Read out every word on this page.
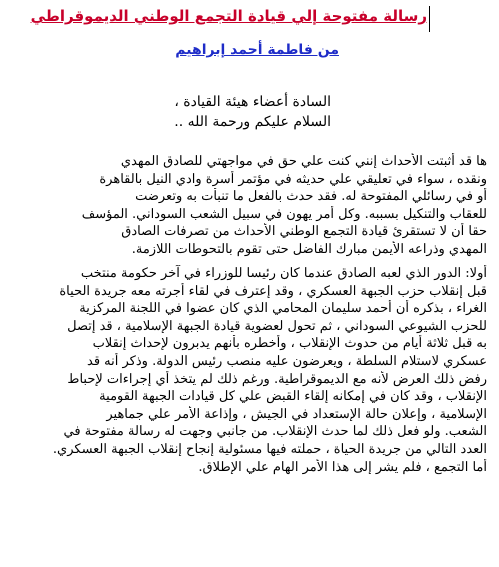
رسالة مفتوحة إلي قيادة التجمع الوطني الديموقراطي
من فاطمة أحمد إبراهيم
السادة أعضاء هيئة القيادة ،
السلام عليكم ورحمة الله ..
ها قد أثبتت الأحداث إنني كنت علي حق في مواجهتي للصادق المهدي
ونقده ، سواء في تعليقي علي حديثه في مؤتمر أسرة وادي النيل بالقاهرة
أو في رسائلي المفتوحة له. فقد حدث بالفعل ما تنبأت به وتعرضت
للعقاب والتنكيل بسببه. وكل أمر يهون في سبيل الشعب السوداني. المؤسف
حقا أن لا تستقرئ قيادة التجمع الوطني الأحداث من تصرفات الصادق
المهدي وذراعه الأيمن مبارك الفاضل حتى تقوم بالتحوطات اللازمة.
أولا: الدور الذي لعبه الصادق عندما كان رئيسا للوزراء في آخر حكومة منتخب
قبل إنقلاب حزب الجبهة العسكري ، وقد إعترف في لقاء أجرته معه جريدة الحياة
الغراء ، بذكره أن أحمد سليمان المحامي الذي كان عضوا في اللجنة المركزية
للحزب الشيوعي السوداني ، ثم تحول لعضوية قيادة الجبهة الإسلامية ، قد إتصل
به قبل ثلاثة أيام من حدوث الإنقلاب ، وأخطره بأنهم يدبرون لإحداث إنقلاب
عسكري لاستلام السلطة ، ويعرضون عليه منصب رئيس الدولة. وذكر أنه قد
رفض ذلك العرض لأنه مع الديموقراطية. ورغم ذلك لم يتخذ أي إجراءات لإحباط
الإنقلاب ، وقد كان في إمكانه إلقاء القبض علي كل قيادات الجبهة القومية
الإسلامية ، وإعلان حالة الإستعداد في الجيش ، وإذاعة الأمر علي جماهير
الشعب. ولو فعل ذلك لما حدث الإنقلاب. من جانبي وجهت له رسالة مفتوحة في
العدد التالي من جريدة الحياة ، حملته فيها مسئولية إنجاح إنقلاب الجبهة العسكري.
أما التجمع ، فلم يشر إلى هذا الأمر الهام علي الإطلاق.
